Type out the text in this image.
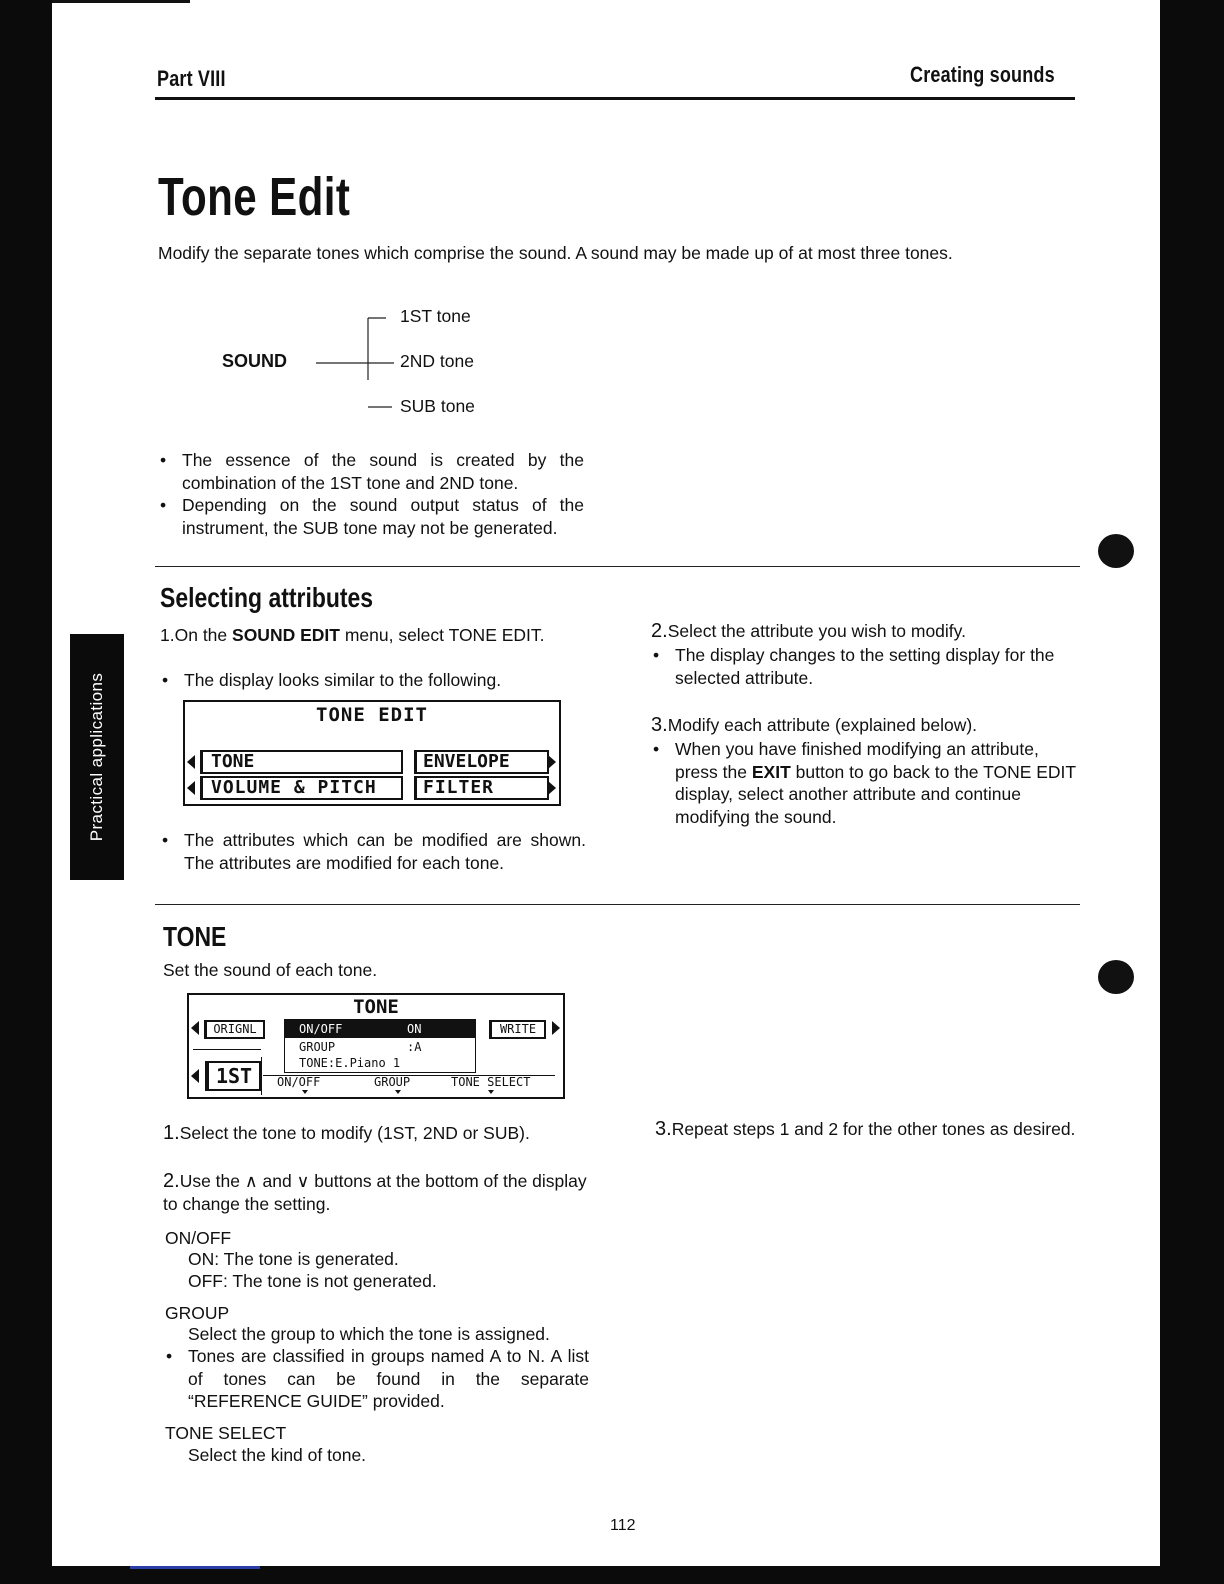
Part VIII	Creating sounds
Tone Edit
Modify the separate tones which comprise the sound. A sound may be made up of at most three tones.
SOUND
1ST tone
2ND tone
SUB tone
• The essence of the sound is created by the combination of the 1ST tone and 2ND tone.
• Depending on the sound output status of the instrument, the SUB tone may not be generated.
Practical applications
Selecting attributes
1.On the SOUND EDIT menu, select TONE EDIT.
• The display looks similar to the following.
TONE EDIT
TONE	ENVELOPE
VOLUME & PITCH	FILTER
• The attributes which can be modified are shown. The attributes are modified for each tone.
2.Select the attribute you wish to modify.
• The display changes to the setting display for the selected attribute.
3.Modify each attribute (explained below).
• When you have finished modifying an attribute, press the EXIT button to go back to the TONE EDIT display, select another attribute and continue modifying the sound.
TONE
Set the sound of each tone.
TONE
ORIGNL	ON/OFF	ON
GROUP	:A
TONE:E.Piano 1
WRITE
1ST	ON/OFF	GROUP	TONE SELECT
1.Select the tone to modify (1ST, 2ND or SUB).
2.Use the ∧ and ∨ buttons at the bottom of the display to change the setting.
ON/OFF
ON: The tone is generated.
OFF: The tone is not generated.
GROUP
Select the group to which the tone is assigned.
• Tones are classified in groups named A to N. A list of tones can be found in the separate “REFERENCE GUIDE” provided.
TONE SELECT
Select the kind of tone.
3.Repeat steps 1 and 2 for the other tones as desired.
112
